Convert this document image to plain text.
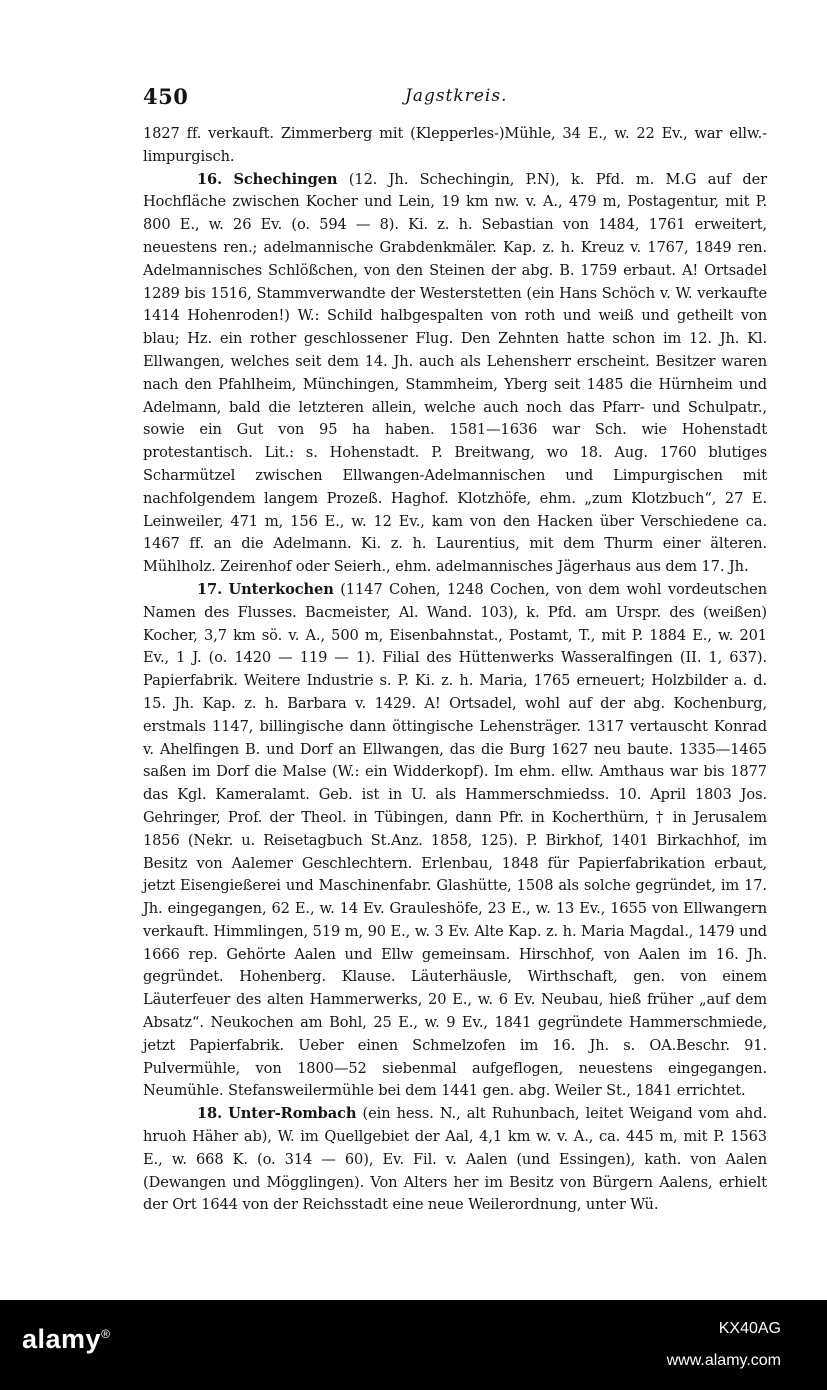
450	Jagstkreis.

1827 ff. verkauft. Zimmerberg mit (Klepperles-)Mühle, 34 E., w. 22 Ev., war ellw.-limpurgisch.

16. Schechingen (12. Jh. Schechingin, P.N), k. Pfd. m. M.G auf der Hochfläche zwischen Kocher und Lein, 19 km nw. v. A., 479 m, Postagentur, mit P. 800 E., w. 26 Ev. (o. 594 — 8). Ki. z. h. Sebastian von 1484, 1761 erweitert, neuestens ren.; adelmannische Grabdenkmäler. Kap. z. h. Kreuz v. 1767, 1849 ren. Adelmannisches Schlößchen, von den Steinen der abg. B. 1759 erbaut. A! Ortsadel 1289 bis 1516, Stammverwandte der Westerstetten (ein Hans Schöch v. W. verkaufte 1414 Hohenroden!) W.: Schild halbgespalten von roth und weiß und getheilt von blau; Hz. ein rother geschlossener Flug. Den Zehnten hatte schon im 12. Jh. Kl. Ellwangen, welches seit dem 14. Jh. auch als Lehensherr erscheint. Besitzer waren nach den Pfahlheim, Münchingen, Stammheim, Yberg seit 1485 die Hürnheim und Adelmann, bald die letzteren allein, welche auch noch das Pfarr- und Schulpatr., sowie ein Gut von 95 ha haben. 1581—1636 war Sch. wie Hohenstadt protestantisch. Lit.: s. Hohenstadt. P. Breitwang, wo 18. Aug. 1760 blutiges Scharmützel zwischen Ellwangen-Adelmannischen und Limpurgischen mit nachfolgendem langem Prozeß. Haghof. Klotzhöfe, ehm. „zum Klotzbuch“, 27 E. Leinweiler, 471 m, 156 E., w. 12 Ev., kam von den Hacken über Verschiedene ca. 1467 ff. an die Adelmann. Ki. z. h. Laurentius, mit dem Thurm einer älteren. Mühlholz. Zeirenhof oder Seierh., ehm. adelmannisches Jägerhaus aus dem 17. Jh.

17. Unterkochen (1147 Cohen, 1248 Cochen, von dem wohl vordeutschen Namen des Flusses. Bacmeister, Al. Wand. 103), k. Pfd. am Urspr. des (weißen) Kocher, 3,7 km sö. v. A., 500 m, Eisenbahnstat., Postamt, T., mit P. 1884 E., w. 201 Ev., 1 J. (o. 1420 — 119 — 1). Filial des Hüttenwerks Wasseralfingen (II. 1, 637). Papierfabrik. Weitere Industrie s. P. Ki. z. h. Maria, 1765 erneuert; Holzbilder a. d. 15. Jh. Kap. z. h. Barbara v. 1429. A! Ortsadel, wohl auf der abg. Kochenburg, erstmals 1147, billingische dann öttingische Lehensträger. 1317 vertauscht Konrad v. Ahelfingen B. und Dorf an Ellwangen, das die Burg 1627 neu baute. 1335—1465 saßen im Dorf die Malse (W.: ein Widderkopf). Im ehm. ellw. Amthaus war bis 1877 das Kgl. Kameralamt. Geb. ist in U. als Hammerschmiedss. 10. April 1803 Jos. Gehringer, Prof. der Theol. in Tübingen, dann Pfr. in Kocherthürn, † in Jerusalem 1856 (Nekr. u. Reisetagbuch St.Anz. 1858, 125). P. Birkhof, 1401 Birkachhof, im Besitz von Aalemer Geschlechtern. Erlenbau, 1848 für Papierfabrikation erbaut, jetzt Eisengießerei und Maschinenfabr. Glashütte, 1508 als solche gegründet, im 17. Jh. eingegangen, 62 E., w. 14 Ev. Grauleshöfe, 23 E., w. 13 Ev., 1655 von Ellwangern verkauft. Himmlingen, 519 m, 90 E., w. 3 Ev. Alte Kap. z. h. Maria Magdal., 1479 und 1666 rep. Gehörte Aalen und Ellw gemeinsam. Hirschhof, von Aalen im 16. Jh. gegründet. Hohenberg. Klause. Läuterhäusle, Wirthschaft, gen. von einem Läuterfeuer des alten Hammerwerks, 20 E., w. 6 Ev. Neubau, hieß früher „auf dem Absatz“. Neukochen am Bohl, 25 E., w. 9 Ev., 1841 gegründete Hammerschmiede, jetzt Papierfabrik. Ueber einen Schmelzofen im 16. Jh. s. OA.Beschr. 91. Pulvermühle, von 1800—52 siebenmal aufgeflogen, neuestens eingegangen. Neumühle. Stefansweilermühle bei dem 1441 gen. abg. Weiler St., 1841 errichtet.

18. Unter-Rombach (ein hess. N., alt Ruhunbach, leitet Weigand vom ahd. hruoh Häher ab), W. im Quellgebiet der Aal, 4,1 km w. v. A., ca. 445 m, mit P. 1563 E., w. 668 K. (o. 314 — 60), Ev. Fil. v. Aalen (und Essingen), kath. von Aalen (Dewangen und Mögglingen). Von Alters her im Besitz von Bürgern Aalens, erhielt der Ort 1644 von der Reichsstadt eine neue Weilerordnung, unter Wü.

alamy®	KX40AG
www.alamy.com
